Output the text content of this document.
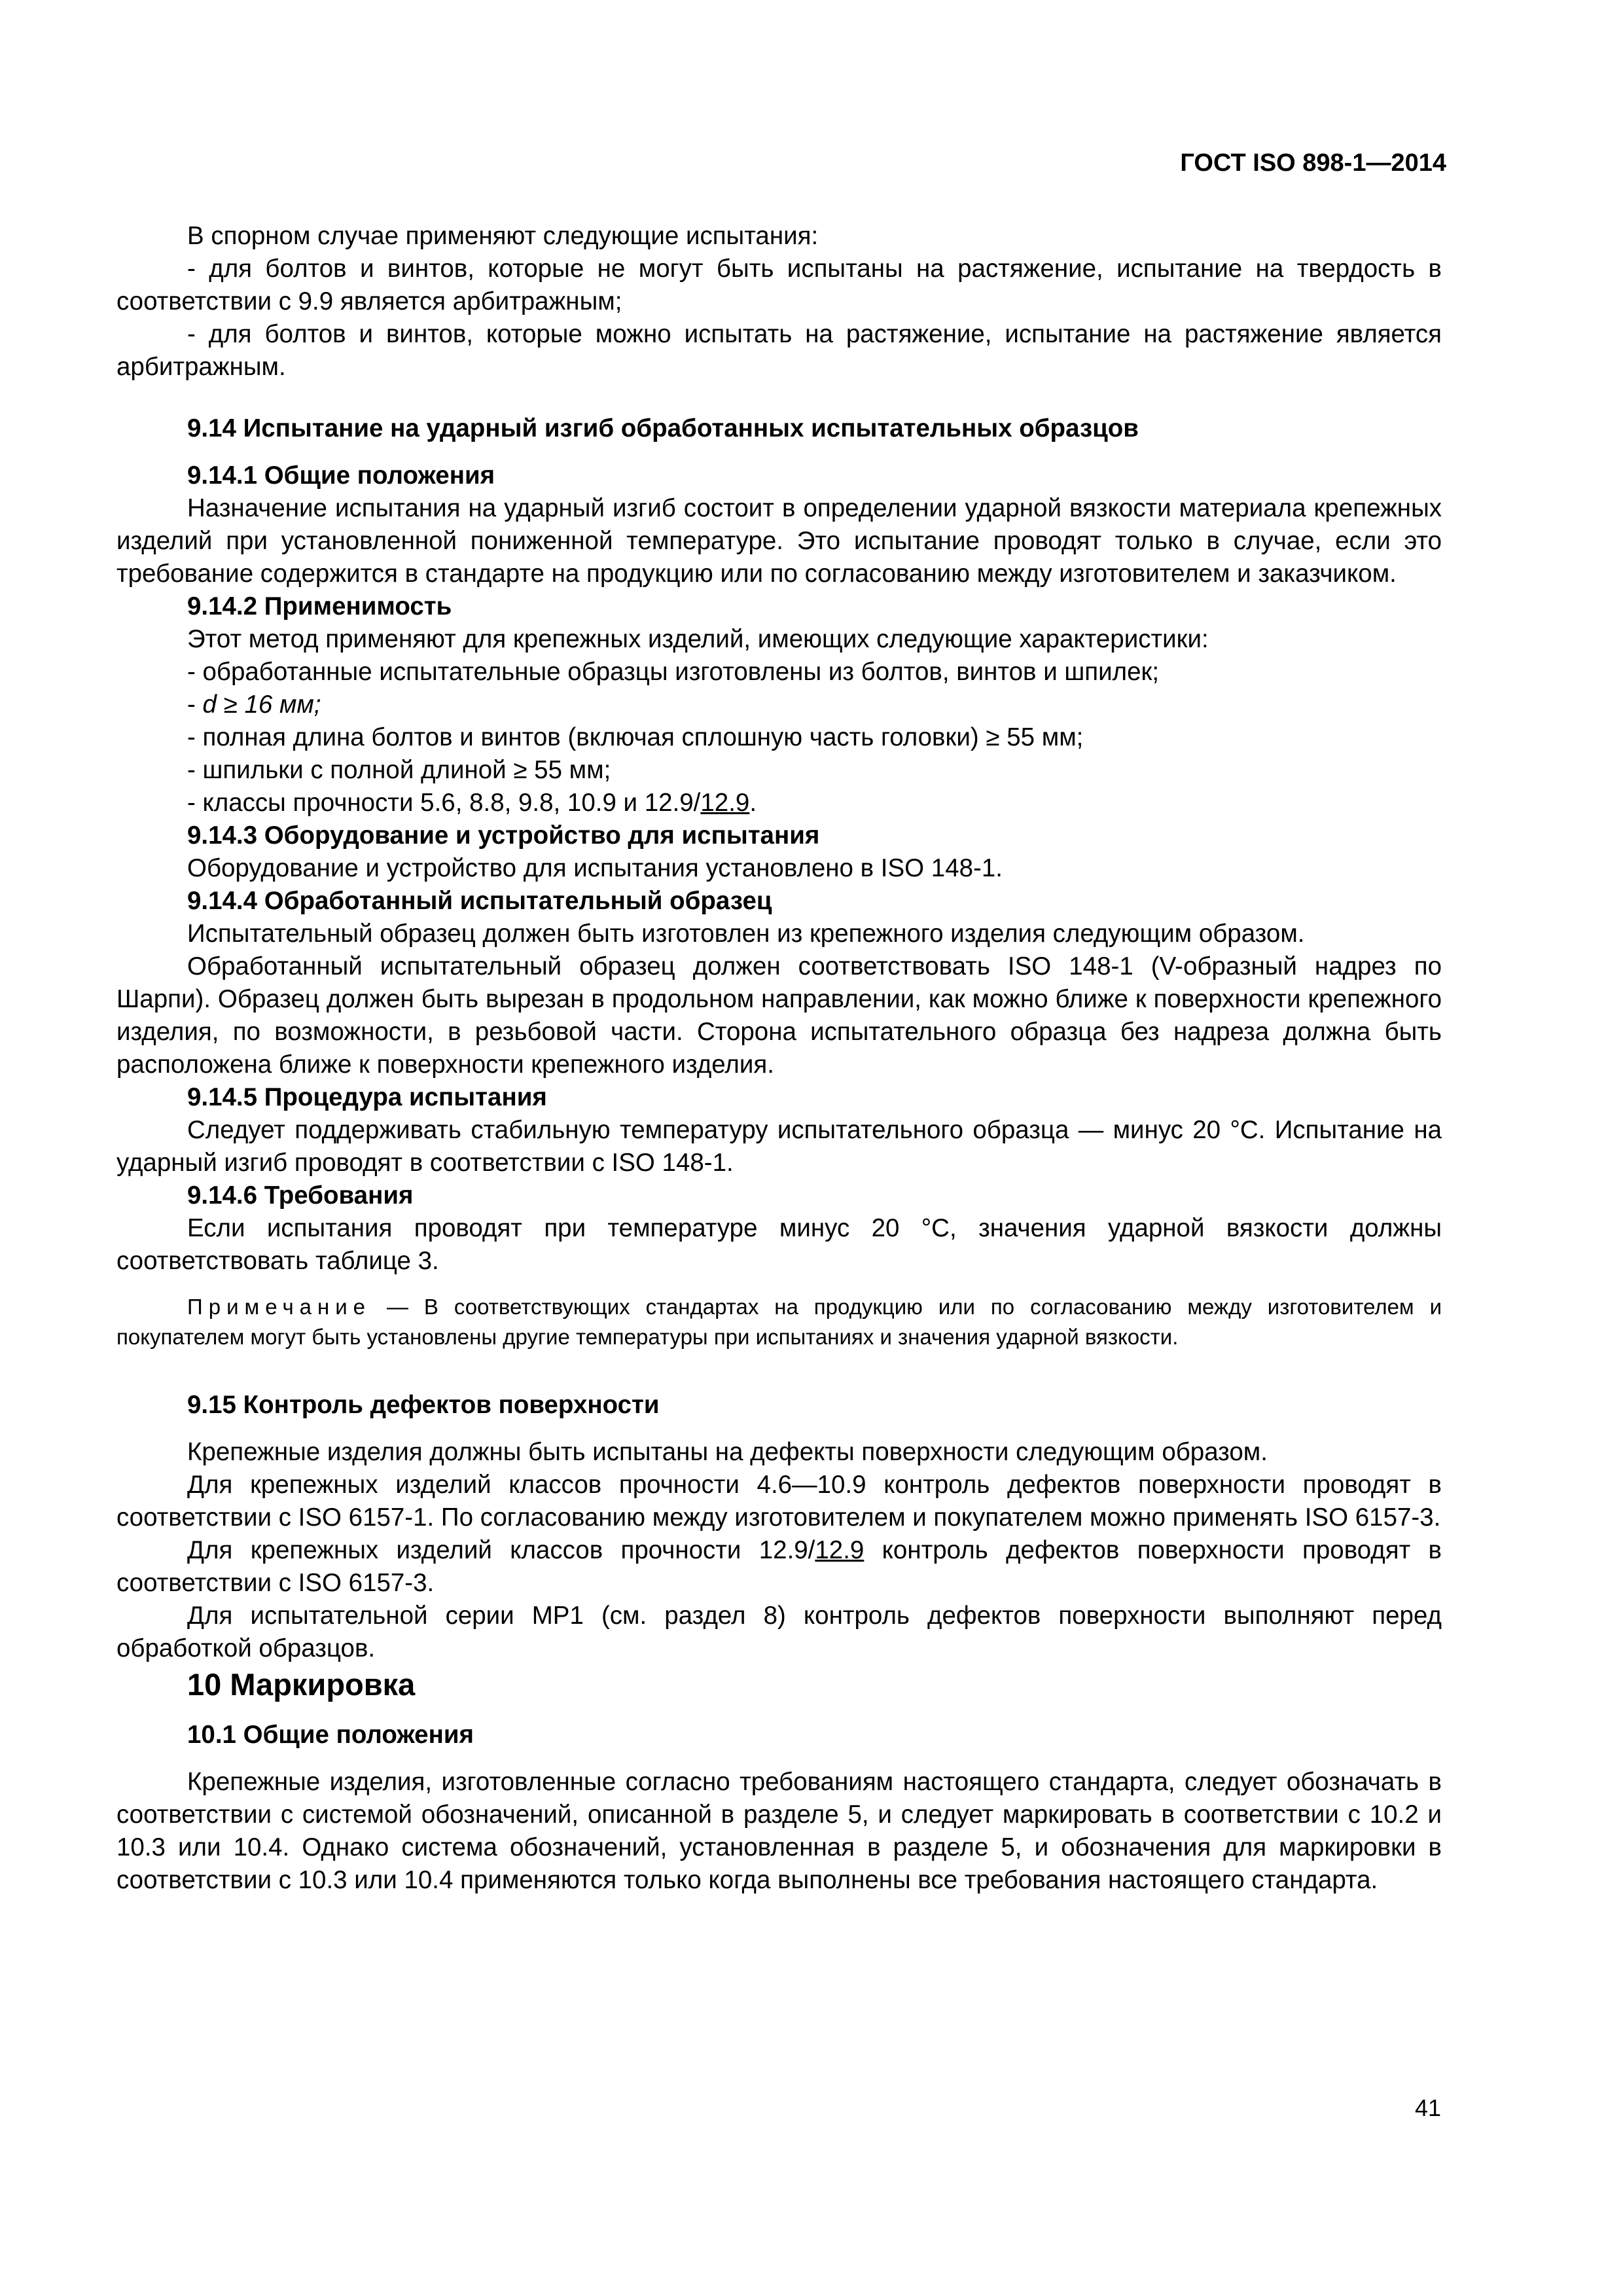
ГОСТ ISO 898-1—2014

В спорном случае применяют следующие испытания:

- для болтов и винтов, которые не могут быть испытаны на растяжение, испытание на твердость в соответствии с 9.9 является арбитражным;

- для болтов и винтов, которые можно испытать на растяжение, испытание на растяжение является арбитражным.

9.14 Испытание на ударный изгиб обработанных испытательных образцов

9.14.1 Общие положения

Назначение испытания на ударный изгиб состоит в определении ударной вязкости материала крепежных изделий при установленной пониженной температуре. Это испытание проводят только в случае, если это требование содержится в стандарте на продукцию или по согласованию между изготовителем и заказчиком.

9.14.2 Применимость

Этот метод применяют для крепежных изделий, имеющих следующие характеристики:

- обработанные испытательные образцы изготовлены из болтов, винтов и шпилек;

- d ≥ 16 мм;

- полная длина болтов и винтов (включая сплошную часть головки) ≥ 55 мм;

- шпильки с полной длиной ≥ 55 мм;

- классы прочности 5.6, 8.8, 9.8, 10.9 и 12.9/12.9.

9.14.3 Оборудование и устройство для испытания

Оборудование и устройство для испытания установлено в ISO 148-1.

9.14.4 Обработанный испытательный образец

Испытательный образец должен быть изготовлен из крепежного изделия следующим образом.

Обработанный испытательный образец должен соответствовать ISO 148-1 (V-образный надрез по Шарпи). Образец должен быть вырезан в продольном направлении, как можно ближе к поверхности крепежного изделия, по возможности, в резьбовой части. Сторона испытательного образца без надреза должна быть расположена ближе к поверхности крепежного изделия.

9.14.5 Процедура испытания

Следует поддерживать стабильную температуру испытательного образца — минус 20 °С. Испытание на ударный изгиб проводят в соответствии с ISO 148-1.

9.14.6 Требования

Если испытания проводят при температуре минус 20 °С, значения ударной вязкости должны соответствовать таблице 3.

Примечание — В соответствующих стандартах на продукцию или по согласованию между изготовителем и покупателем могут быть установлены другие температуры при испытаниях и значения ударной вязкости.

9.15 Контроль дефектов поверхности

Крепежные изделия должны быть испытаны на дефекты поверхности следующим образом.

Для крепежных изделий классов прочности 4.6—10.9 контроль дефектов поверхности проводят в соответствии с ISO 6157-1. По согласованию между изготовителем и покупателем можно применять ISO 6157-3.

Для крепежных изделий классов прочности 12.9/12.9 контроль дефектов поверхности проводят в соответствии с ISO 6157-3.

Для испытательной серии MP1 (см. раздел 8) контроль дефектов поверхности выполняют перед обработкой образцов.

10 Маркировка

10.1 Общие положения

Крепежные изделия, изготовленные согласно требованиям настоящего стандарта, следует обозначать в соответствии с системой обозначений, описанной в разделе 5, и следует маркировать в соответствии с 10.2 и 10.3 или 10.4. Однако система обозначений, установленная в разделе 5, и обозначения для маркировки в соответствии с 10.3 или 10.4 применяются только когда выполнены все требования настоящего стандарта.

41
